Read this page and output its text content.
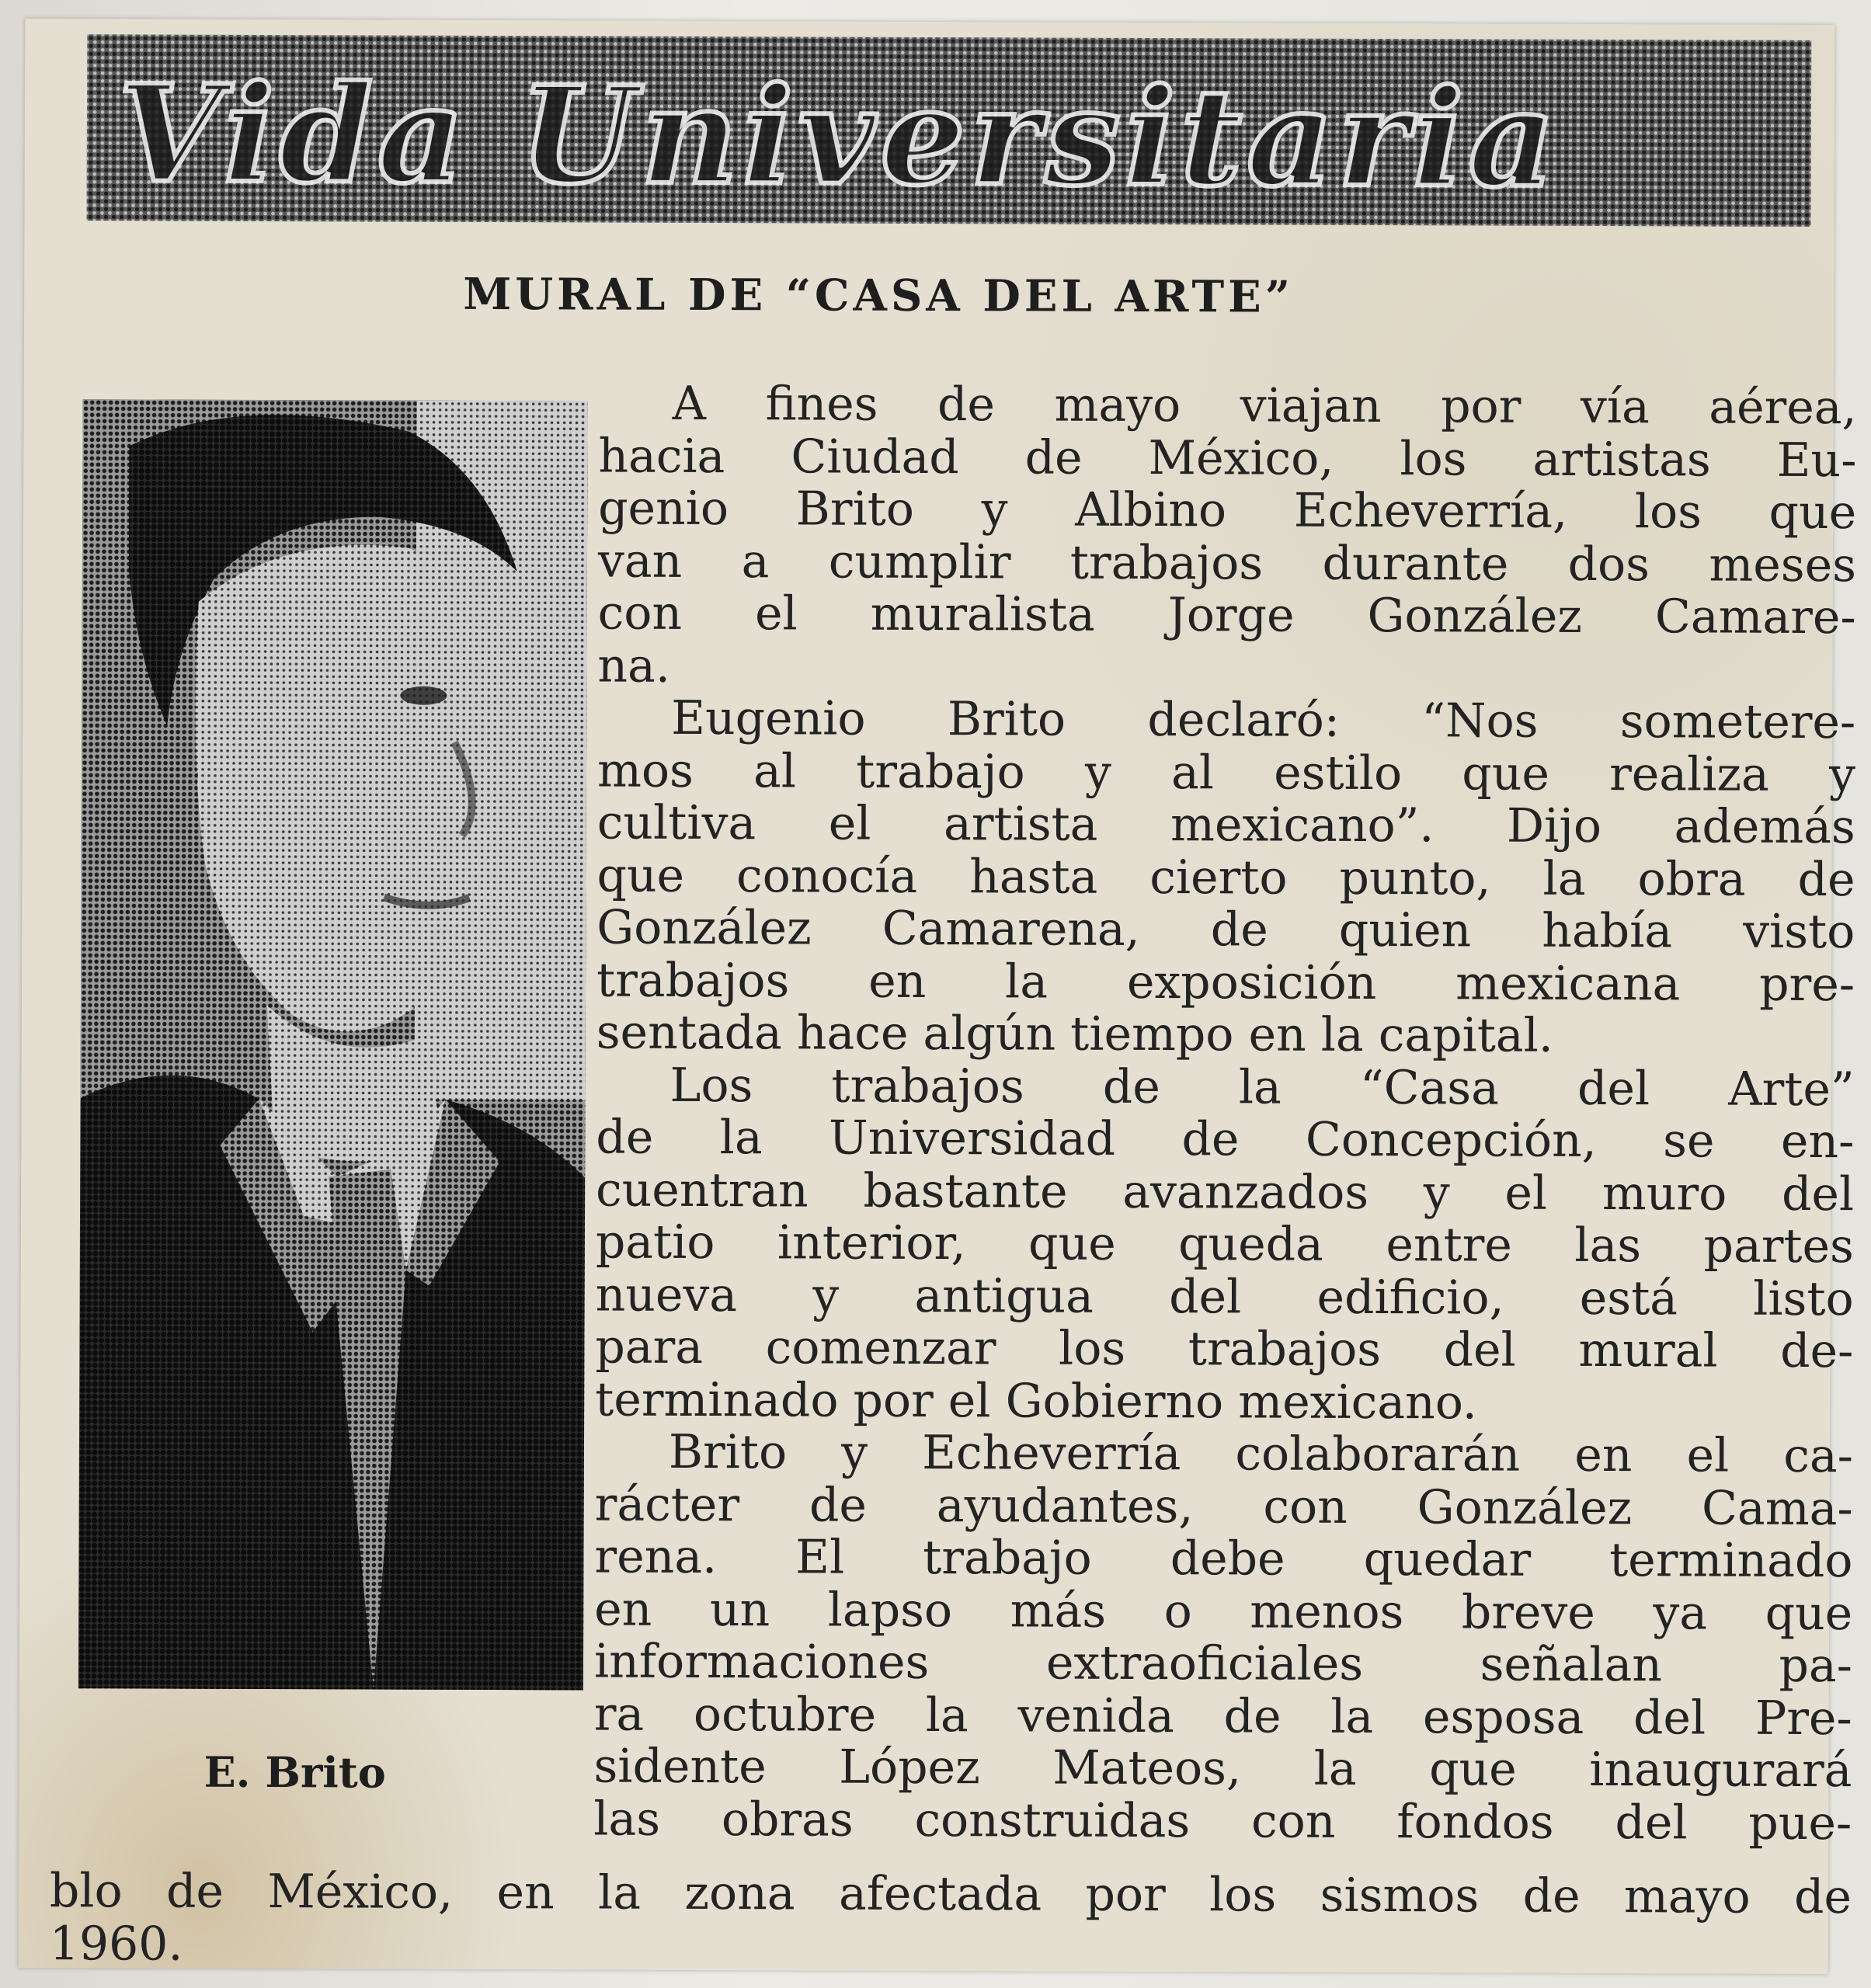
Vida Universitaria
MURAL DE “CASA DEL ARTE”
E. Brito
A fines de mayo viajan por vía aérea,
hacia Ciudad de México, los artistas Eu-
genio Brito y Albino Echeverría, los que
van a cumplir trabajos durante dos meses
con el muralista Jorge González Camare-
na.
Eugenio Brito declaró: “Nos sometere-
mos al trabajo y al estilo que realiza y
cultiva el artista mexicano”. Dijo además
que conocía hasta cierto punto, la obra de
González Camarena, de quien había visto
trabajos en la exposición mexicana pre-
sentada hace algún tiempo en la capital.
Los trabajos de la “Casa del Arte”
de la Universidad de Concepción, se en-
cuentran bastante avanzados y el muro del
patio interior, que queda entre las partes
nueva y antigua del edificio, está listo
para comenzar los trabajos del mural de-
terminado por el Gobierno mexicano.
Brito y Echeverría colaborarán en el ca-
rácter de ayudantes, con González Cama-
rena. El trabajo debe quedar terminado
en un lapso más o menos breve ya que
informaciones extraoficiales señalan pa-
ra octubre la venida de la esposa del Pre-
sidente López Mateos, la que inaugurará
las obras construidas con fondos del pue-
blo de México, en la zona afectada por los sismos de mayo de
1960.
